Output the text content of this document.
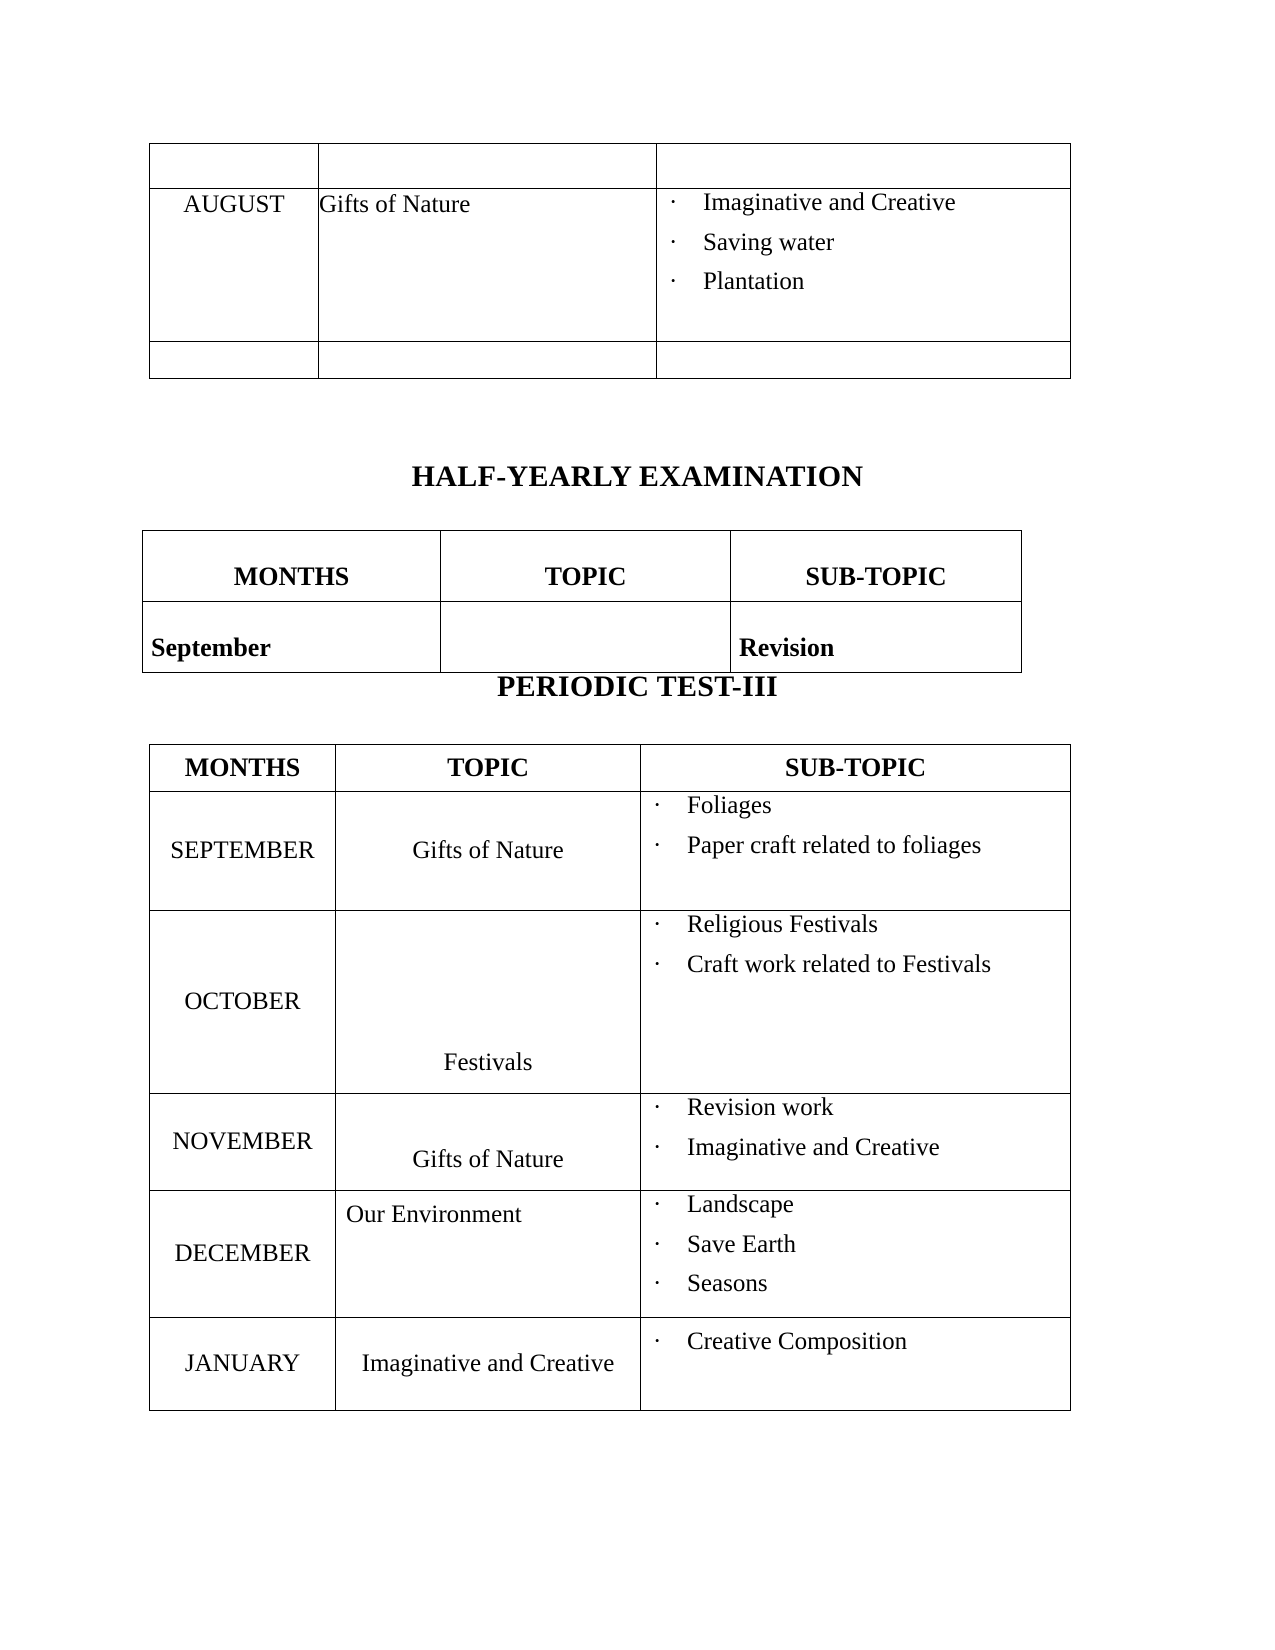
AUGUST	Gifts of Nature	·	Imaginative and Creative
·	Saving water
·	Plantation

HALF-YEARLY EXAMINATION
MONTHS	TOPIC	SUB-TOPIC
September		Revision
PERIODIC TEST-III
MONTHS	TOPIC	SUB-TOPIC
SEPTEMBER	Gifts of Nature	· Foliages
· Paper craft related to foliages

OCTOBER	Festivals	· Religious Festivals
· Craft work related to Festivals

NOVEMBER	Gifts of Nature	· Revision work
· Imaginative and Creative

DECEMBER	Our Environment	·	Landscape
·	Save Earth
·	Seasons

JANUARY	Imaginative and Creative	· Creative Composition
